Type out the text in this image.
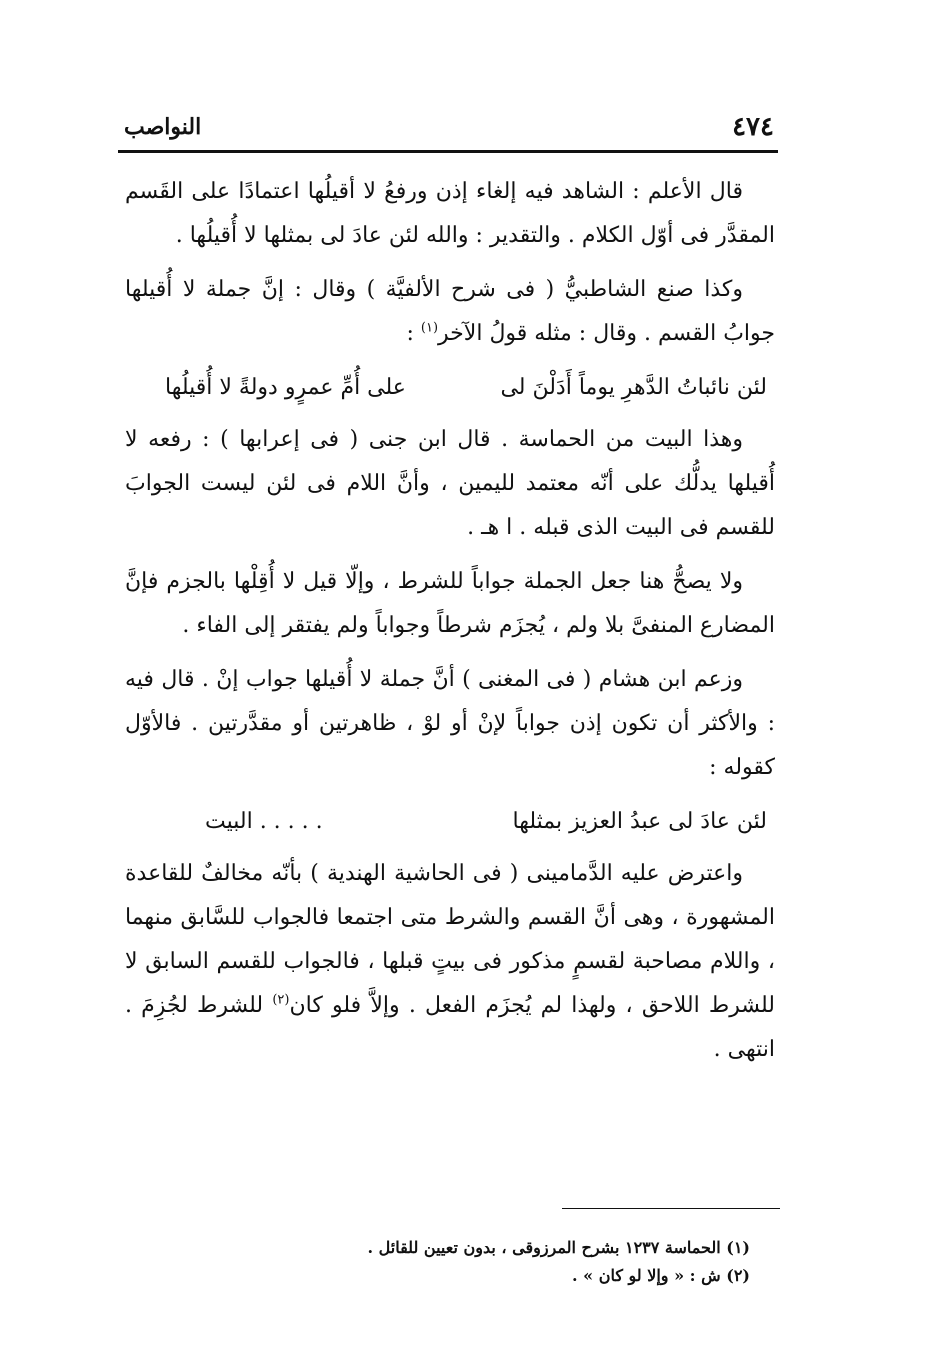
٤٧٤
النواصب

قال الأعلم : الشاهد فيه إلغاء إذن ورفعُ لا أقيلُها اعتمادًا على القَسم المقدَّر فى أوّل الكلام . والتقدير : والله لئن عادَ لى بمثلها لا أُقيلُها .

وكذا صنع الشاطبيُّ ( فى شرح الألفيَّة ) وقال : إنَّ جملة لا أُقيلها جوابُ القسم . وقال : مثله قولُ الآخر$^{(١)}$ :

لئن نائباتُ الدَّهرِ يوماً أَدَلْنَ لى
على أُمِّ عمرٍو دولةً لا أُقيلُها

وهذا البيت من الحماسة . قال ابن جنى ( فى إعرابها ) : رفعه لا أُقيلها يدلُّك على أنّه معتمد لليمين ، وأنَّ اللام فى لئن ليست الجوابَ للقسم فى البيت الذى قبله . ا هـ .

ولا يصحُّ هنا جعل الجملة جواباً للشرط ، وإلّا قيل لا أُقِلْها بالجزم فإنَّ المضارع المنفىَّ بلا ولم ، يُجزَم شرطاً وجواباً ولم يفتقر إلى الفاء .

وزعم ابن هشام ( فى المغنى ) أنَّ جملة لا أُقيلها جواب إنْ . قال فيه : والأكثر أن تكون إذن جواباً لإنْ أو لوْ ، ظاهرتين أو مقدَّرتين . فالأوّل كقوله :

لئن عادَ لى عبدُ العزيز بمثلها
. . . . . البيت

واعترض عليه الدَّمامينى ( فى الحاشية الهندية ) بأنّه مخالفٌ للقاعدة المشهورة ، وهى أنَّ القسم والشرط متى اجتمعا فالجواب للسَّابق منهما ، واللام مصاحبة لقسمٍ مذكور فى بيتٍ قبلها ، فالجواب للقسم السابق لا للشرط اللاحق ، ولهذا لم يُجزَم الفعل . وإلاَّ فلو كان$^{(٢)}$ للشرط لجُزِمَ . انتهى .

(١) الحماسة ١٢٣٧ بشرح المرزوقى ، بدون تعيين للقائل .

(٢) ش : « وإلا لو كان » .
